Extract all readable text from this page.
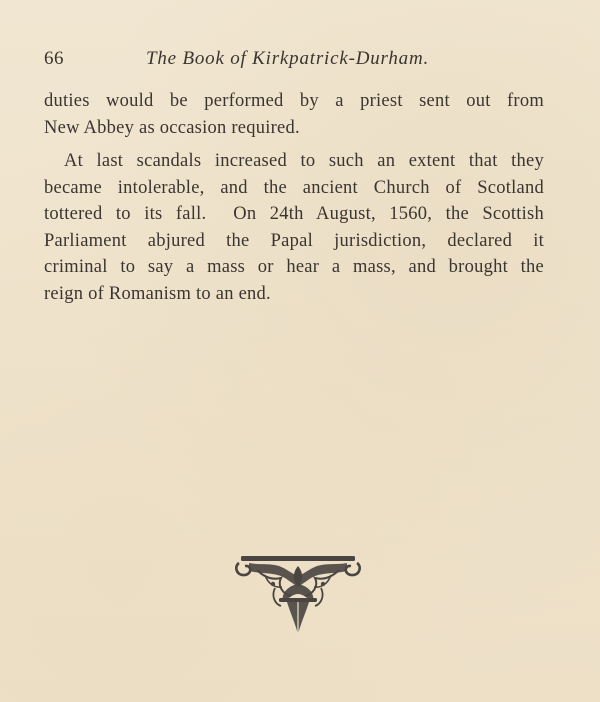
66	The Book of Kirkpatrick-Durham.
duties would be performed by a priest sent out from
New Abbey as occasion required.
At last scandals increased to such an extent that they
became intolerable, and the ancient Church of Scotland
tottered to its fall.  On 24th August, 1560, the Scottish
Parliament abjured the Papal jurisdiction, declared it
criminal to say a mass or hear a mass, and brought the
reign of Romanism to an end.
